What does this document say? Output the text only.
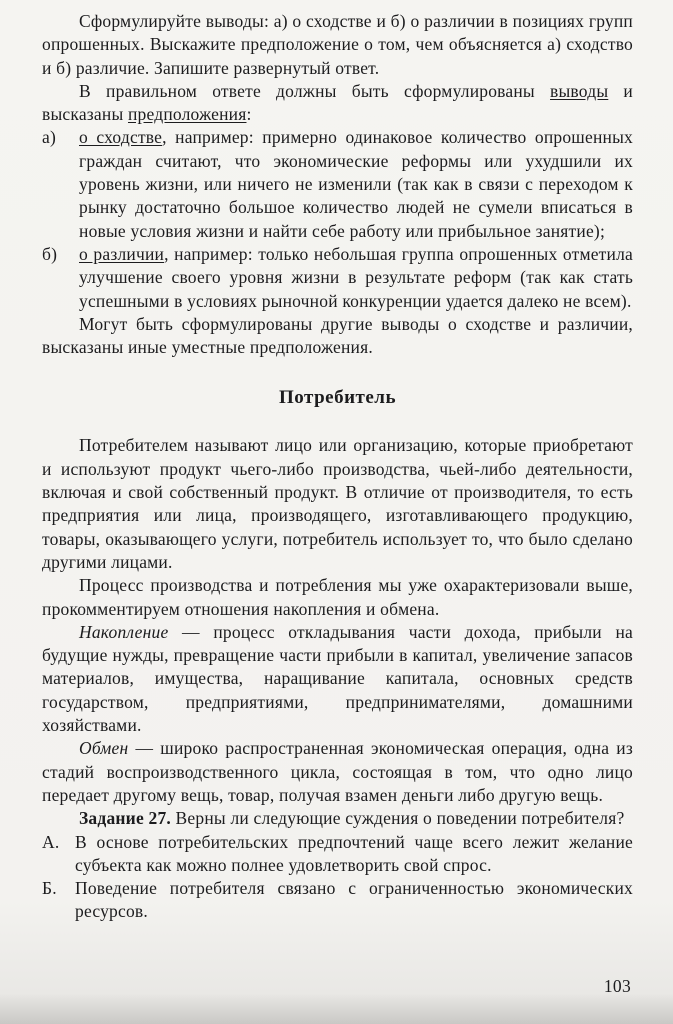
Сформулируйте выводы: а) о сходстве и б) о различии в позициях групп опрошенных. Выскажите предположение о том, чем объясняется а) сходство и б) различие. Запишите развернутый ответ.

В правильном ответе должны быть сформулированы выводы и высказаны предположения:

а) о сходстве, например: примерно одинаковое количество опрошенных граждан считают, что экономические реформы или ухудшили их уровень жизни, или ничего не изменили (так как в связи с переходом к рынку достаточно большое количество людей не сумели вписаться в новые условия жизни и найти себе работу или прибыльное занятие);
б) о различии, например: только небольшая группа опрошенных отметила улучшение своего уровня жизни в результате реформ (так как стать успешными в условиях рыночной конкуренции удается далеко не всем).

Могут быть сформулированы другие выводы о сходстве и различии, высказаны иные уместные предположения.

Потребитель

Потребителем называют лицо или организацию, которые приобретают и используют продукт чьего-либо производства, чьей-либо деятельности, включая и свой собственный продукт. В отличие от производителя, то есть предприятия или лица, производящего, изготавливающего продукцию, товары, оказывающего услуги, потребитель использует то, что было сделано другими лицами.

Процесс производства и потребления мы уже охарактеризовали выше, прокомментируем отношения накопления и обмена.

Накопление — процесс откладывания части дохода, прибыли на будущие нужды, превращение части прибыли в капитал, увеличение запасов материалов, имущества, наращивание капитала, основных средств государством, предприятиями, предпринимателями, домашними хозяйствами.

Обмен — широко распространенная экономическая операция, одна из стадий воспроизводственного цикла, состоящая в том, что одно лицо передает другому вещь, товар, получая взамен деньги либо другую вещь.

Задание 27. Верны ли следующие суждения о поведении потребителя?

А. В основе потребительских предпочтений чаще всего лежит желание субъекта как можно полнее удовлетворить свой спрос.
Б. Поведение потребителя связано с ограниченностью экономических ресурсов.
103
